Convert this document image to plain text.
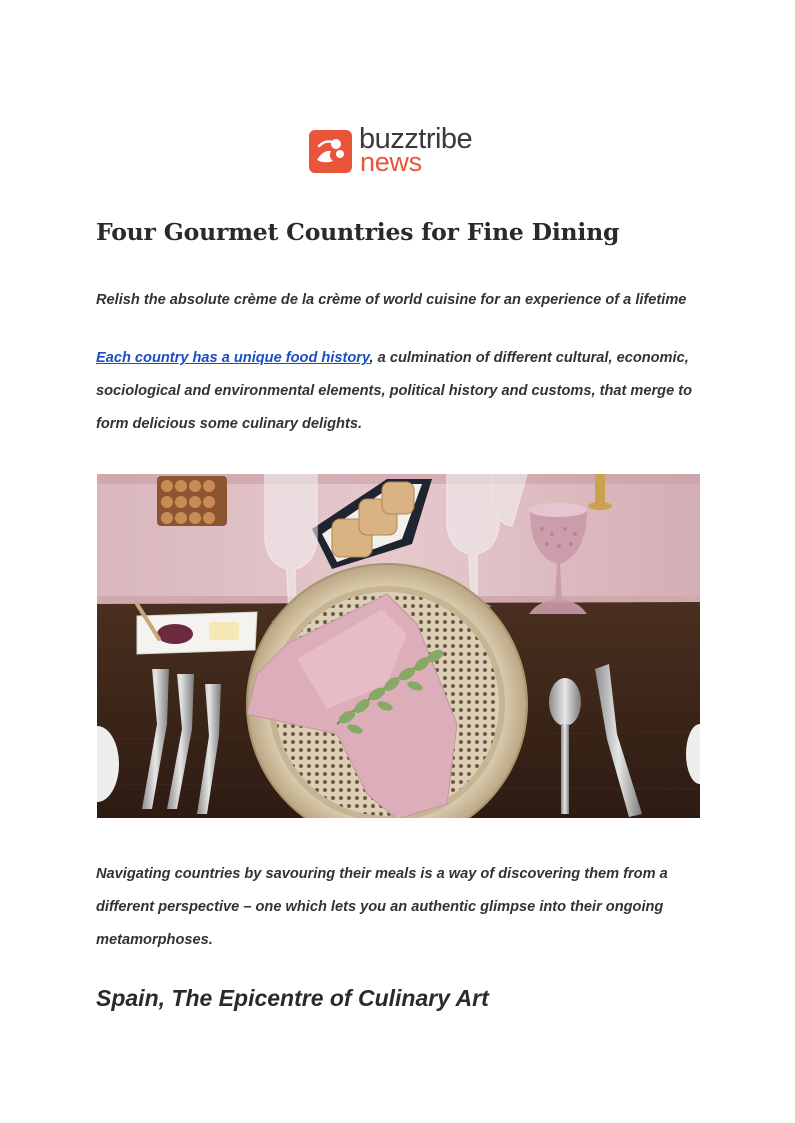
buzztribe
news
Four Gourmet Countries for Fine Dining

Relish the absolute crème de la crème of world cuisine for an experience of a lifetime

Each country has a unique food history, a culmination of different cultural, economic, sociological and environmental elements, political history and customs, that merge to form delicious some culinary delights.

Navigating countries by savouring their meals is a way of discovering them from a different perspective – one which lets you an authentic glimpse into their ongoing metamorphoses.

Spain, The Epicentre of Culinary Art
